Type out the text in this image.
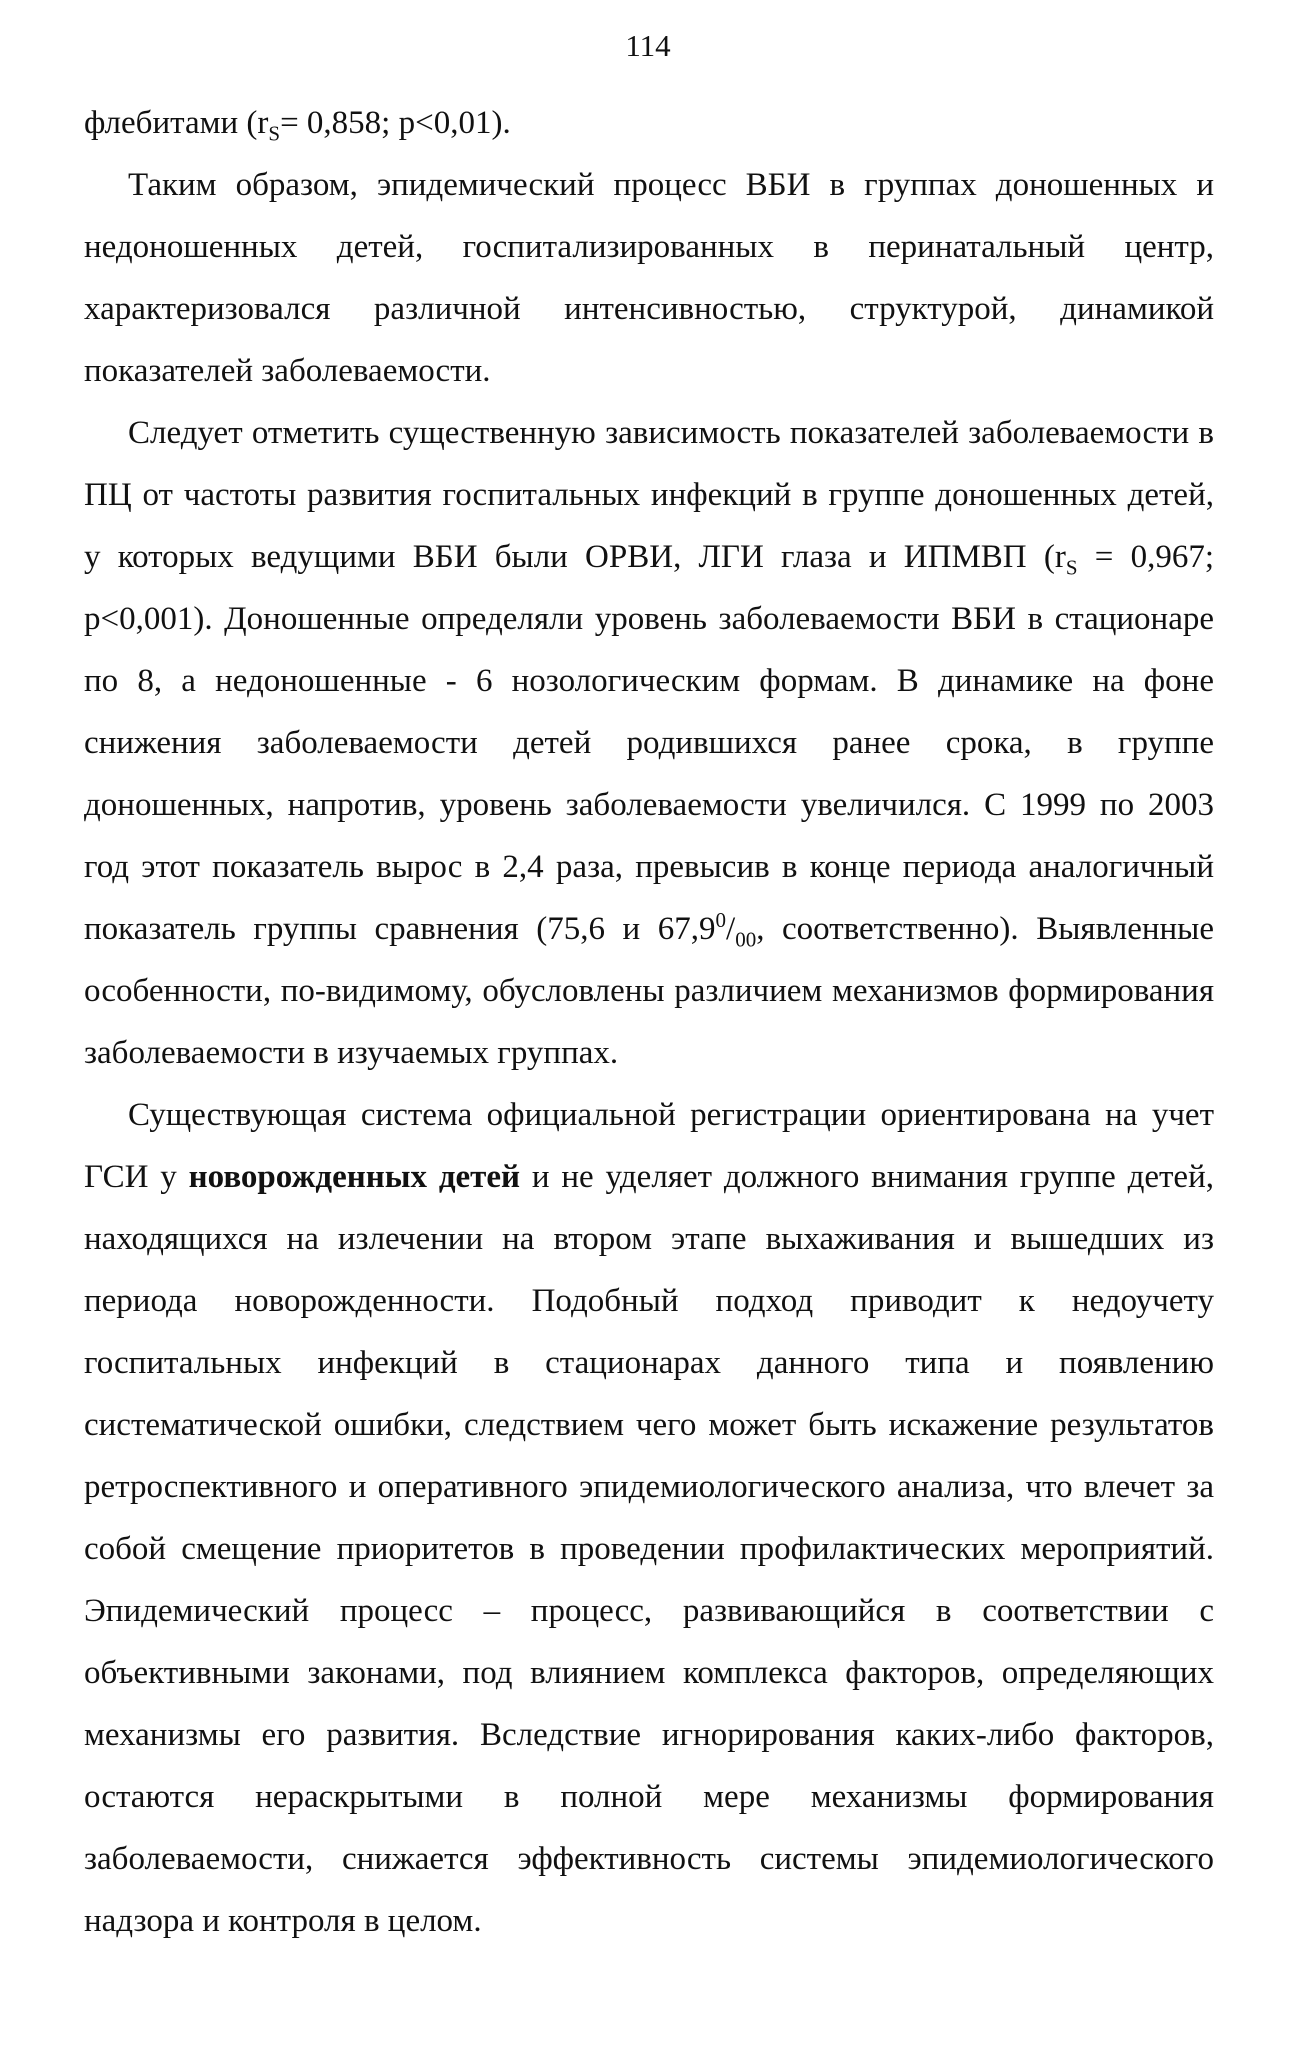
114

флебитами ($r_S= 0,858$; p<0,01).

Таким образом, эпидемический процесс ВБИ в группах доношенных и недоношенных детей, госпитализированных в перинатальный центр, характеризовался различной интенсивностью, структурой, динамикой показателей заболеваемости.

Следует отметить существенную зависимость показателей заболеваемости в ПЦ от частоты развития госпитальных инфекций в группе доношенных детей, у которых ведущими ВБИ были ОРВИ, ЛГИ глаза и ИПМВП ($r_S = 0,967$; p<0,001). Доношенные определяли уровень заболеваемости ВБИ в стационаре по 8, а недоношенные - 6 нозологическим формам. В динамике на фоне снижения заболеваемости детей родившихся ранее срока, в группе доношенных, напротив, уровень заболеваемости увеличился. С 1999 по 2003 год этот показатель вырос в 2,4 раза, превысив в конце периода аналогичный показатель группы сравнения (75,6 и $67,9^0/_{00}$, соответственно). Выявленные особенности, по-видимому, обусловлены различием механизмов формирования заболеваемости в изучаемых группах.

Существующая система официальной регистрации ориентирована на учет ГСИ у новорожденных детей и не уделяет должного внимания группе детей, находящихся на излечении на втором этапе выхаживания и вышедших из периода новорожденности. Подобный подход приводит к недоучету госпитальных инфекций в стационарах данного типа и появлению систематической ошибки, следствием чего может быть искажение результатов ретроспективного и оперативного эпидемиологического анализа, что влечет за собой смещение приоритетов в проведении профилактических мероприятий. Эпидемический процесс – процесс, развивающийся в соответствии с объективными законами, под влиянием комплекса факторов, определяющих механизмы его развития. Вследствие игнорирования каких-либо факторов, остаются нераскрытыми в полной мере механизмы формирования заболеваемости, снижается эффективность системы эпидемиологического надзора и контроля в целом.
